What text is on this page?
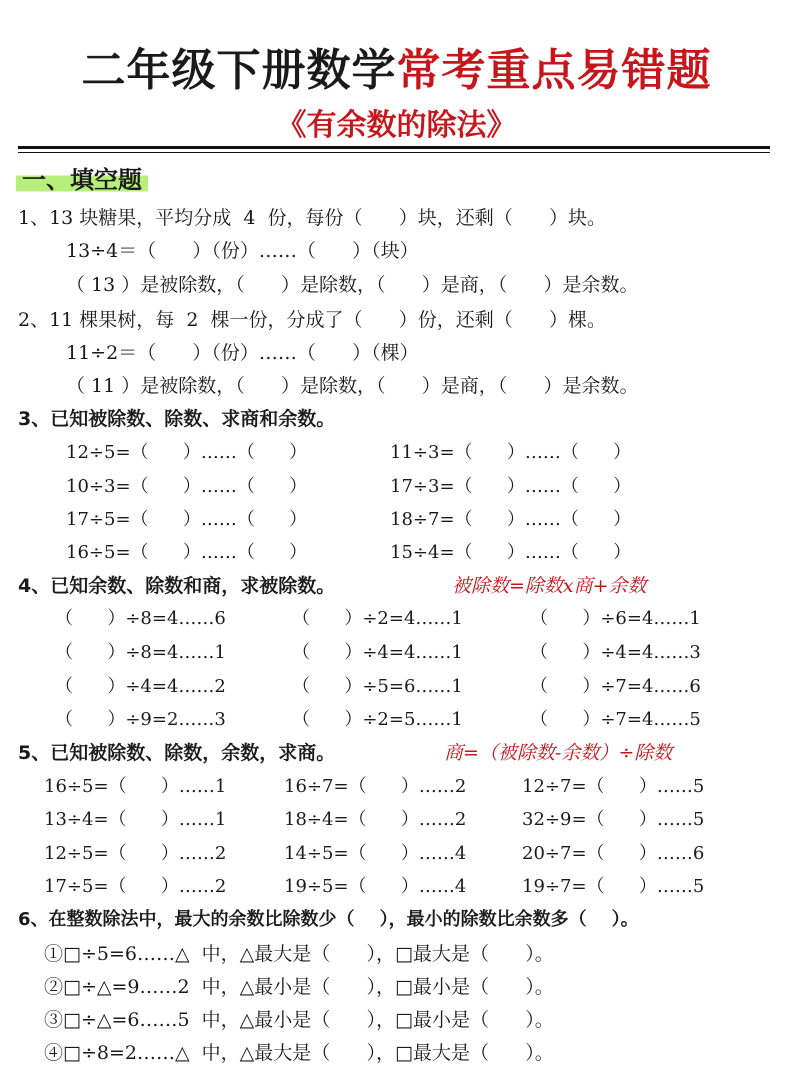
二年级下册数学常考重点易错题
《有余数的除法》
一、填空题
1、13 块糖果，平均分成  4  份，每份（      ）块，还剩（      ）块。
13÷4＝（      ）（份）……（      ）（块）
（ 13 ）是被除数，（      ）是除数，（      ）是商，（      ）是余数。
2、11 棵果树，每  2  棵一份，分成了（      ）份，还剩（      ）棵。
11÷2＝（      ）（份）……（      ）（棵）
（ 11 ）是被除数，（      ）是除数，（      ）是商，（      ）是余数。
3、已知被除数、除数、求商和余数。
12÷5=（      ）……（      ）	11÷3=（      ）……（      ）
10÷3=（      ）……（      ）	17÷3=（      ）……（      ）
17÷5=（      ）……（      ）	18÷7=（      ）……（      ）
16÷5=（      ）……（      ）	15÷4=（      ）……（      ）
4、已知余数、除数和商，求被除数。	被除数=除数x商+余数
（      ）÷8=4……6	（      ）÷2=4……1	（      ）÷6=4……1
（      ）÷8=4……1	（      ）÷4=4……1	（      ）÷4=4……3
（      ）÷4=4……2	（      ）÷5=6……1	（      ）÷7=4……6
（      ）÷9=2……3	（      ）÷2=5……1	（      ）÷7=4……5
5、已知被除数、除数，余数，求商。	商=（被除数-余数）÷除数
16÷5=（      ）……1	16÷7=（      ）……2	12÷7=（      ）……5
13÷4=（      ）……1	18÷4=（      ）……2	32÷9=（      ）……5
12÷5=（      ）……2	14÷5=（      ）……4	20÷7=（      ）……6
17÷5=（      ）……2	19÷5=（      ）……4	19÷7=（      ）……5
6、在整数除法中，最大的余数比除数少（    ），最小的除数比余数多（    ）。
①□÷5=6……△  中，△最大是（      ），□最大是（      ）。
②□÷△=9……2  中，△最小是（      ），□最小是（      ）。
③□÷△=6……5  中，△最小是（      ），□最小是（      ）。
④□÷8=2……△  中，△最大是（      ），□最大是（      ）。
